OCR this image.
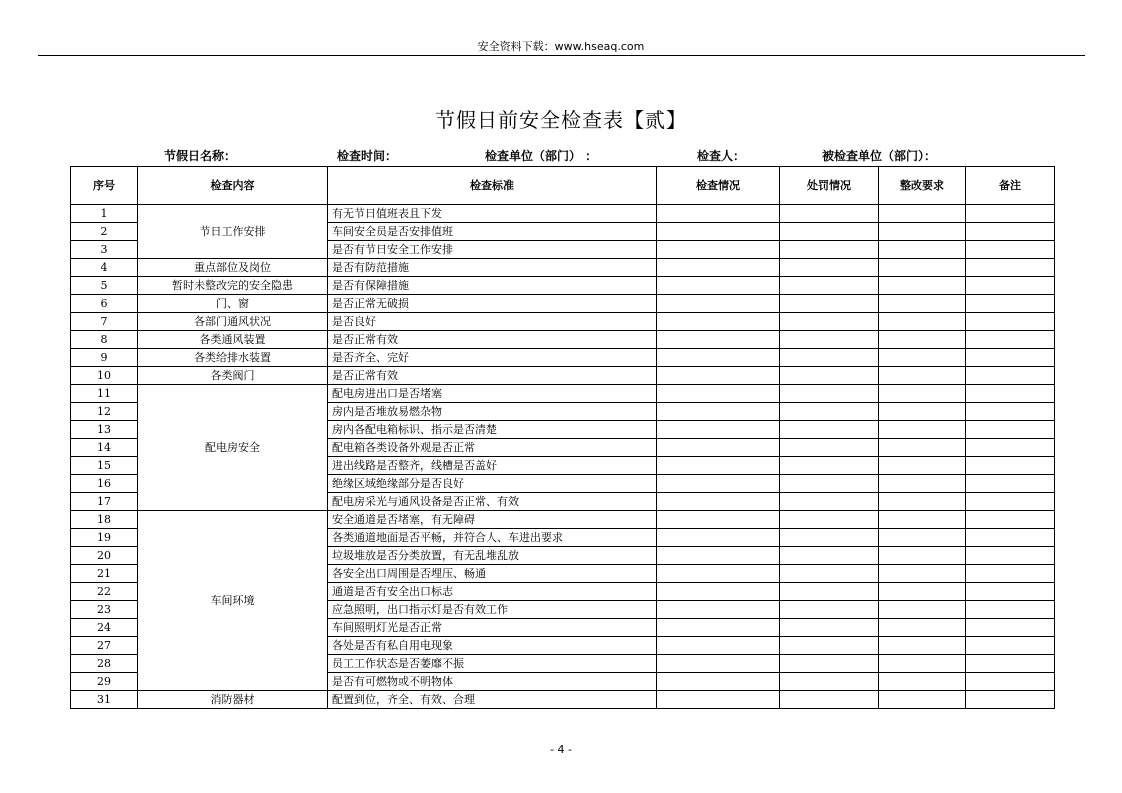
安全资料下载：www.hseaq.com
节假日前安全检查表【贰】
节假日名称：	检查时间：	检查单位（部门） ：	检查人：	被检查单位（部门）：
序号	检查内容	检查标准	检查情况	处罚情况	整改要求	备注
1	节日工作安排	有无节日值班表且下发				
2		车间安全员是否安排值班				
3		是否有节日安全工作安排				
4	重点部位及岗位	是否有防范措施				
5	暂时未整改完的安全隐患	是否有保障措施				
6	门、窗	是否正常无破损				
7	各部门通风状况	是否良好				
8	各类通风装置	是否正常有效				
9	各类给排水装置	是否齐全、完好				
10	各类阀门	是否正常有效				
11	配电房安全	配电房进出口是否堵塞				
12		房内是否堆放易燃杂物				
13		房内各配电箱标识、指示是否清楚				
14		配电箱各类设备外观是否正常				
15		进出线路是否整齐，线槽是否盖好				
16		绝缘区域绝缘部分是否良好				
17		配电房采光与通风设备是否正常、有效				
18	车间环境	安全通道是否堵塞，有无障碍				
19		各类通道地面是否平畅，并符合人、车进出要求				
20		垃圾堆放是否分类放置，有无乱堆乱放				
21		各安全出口周围是否埋压、畅通				
22		通道是否有安全出口标志				
23		应急照明，出口指示灯是否有效工作				
24		车间照明灯光是否正常				
27		各处是否有私自用电现象				
28		员工工作状态是否萎靡不振				
29		是否有可燃物或不明物体				
31	消防器材	配置到位，齐全、有效、合理				
- 4 -
